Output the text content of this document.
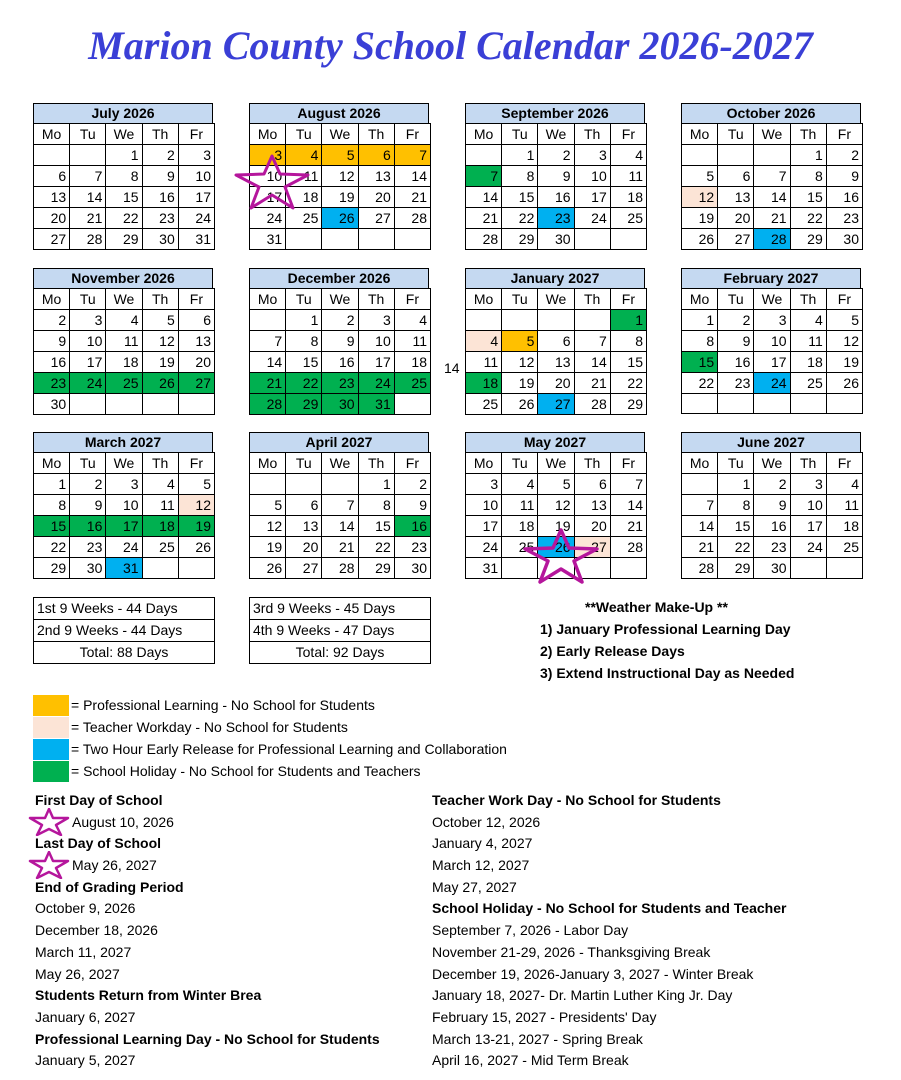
Marion County School Calendar 2026-2027
July 2026
Mo	Tu	We	Th	Fr
		1	2	3
6	7	8	9	10
13	14	15	16	17
20	21	22	23	24
27	28	29	30	31
August 2026
Mo	Tu	We	Th	Fr
3	4	5	6	7
10	11	12	13	14
17	18	19	20	21
24	25	26	27	28
31				
September 2026
Mo	Tu	We	Th	Fr
	1	2	3	4
7	8	9	10	11
14	15	16	17	18
21	22	23	24	25
28	29	30		
October 2026
Mo	Tu	We	Th	Fr
			1	2
5	6	7	8	9
12	13	14	15	16
19	20	21	22	23
26	27	28	29	30
November 2026
Mo	Tu	We	Th	Fr
2	3	4	5	6
9	10	11	12	13
16	17	18	19	20
23	24	25	26	27
30				
December 2026
Mo	Tu	We	Th	Fr
	1	2	3	4
7	8	9	10	11
14	15	16	17	18
21	22	23	24	25
28	29	30	31	
January 2027
Mo	Tu	We	Th	Fr
				1
4	5	6	7	8
11	12	13	14	15
18	19	20	21	22
25	26	27	28	29
February 2027
Mo	Tu	We	Th	Fr
1	2	3	4	5
8	9	10	11	12
15	16	17	18	19
22	23	24	25	26

March 2027
Mo	Tu	We	Th	Fr
1	2	3	4	5
8	9	10	11	12
15	16	17	18	19
22	23	24	25	26
29	30	31		
April 2027
Mo	Tu	We	Th	Fr
			1	2
5	6	7	8	9
12	13	14	15	16
19	20	21	22	23
26	27	28	29	30
May 2027
Mo	Tu	We	Th	Fr
3	4	5	6	7
10	11	12	13	14
17	18	19	20	21
24	25	26	27	28
31				
June 2027
Mo	Tu	We	Th	Fr
	1	2	3	4
7	8	9	10	11
14	15	16	17	18
21	22	23	24	25
28	29	30		
14
1st 9 Weeks - 44 Days
2nd 9 Weeks - 44 Days
Total: 88 Days
3rd 9 Weeks - 45 Days
4th 9 Weeks - 47 Days
Total: 92 Days
**Weather Make-Up **
1) January Professional Learning Day
2) Early Release Days
3) Extend Instructional Day as Needed
= Professional Learning - No School for Students
= Teacher Workday - No School for Students
= Two Hour Early Release for Professional Learning and Collaboration
= School Holiday - No School for Students and Teachers
First Day of School
August 10, 2026
Last Day of School
May 26, 2027
End of Grading Period
October 9, 2026
December 18, 2026
March 11, 2027
May 26, 2027
Students Return from Winter Brea
January 6, 2027
Professional Learning Day - No School for Students
January 5, 2027
Teacher Work Day - No School for Students
October 12, 2026
January 4, 2027
March 12, 2027
May 27, 2027
School Holiday - No School for Students and Teacher
September 7, 2026 - Labor Day
November 21-29, 2026 - Thanksgiving Break
December 19, 2026-January 3, 2027 - Winter Break
January 18, 2027- Dr. Martin Luther King Jr. Day
February 15, 2027 - Presidents' Day
March 13-21, 2027 - Spring Break
April 16, 2027 - Mid Term Break
